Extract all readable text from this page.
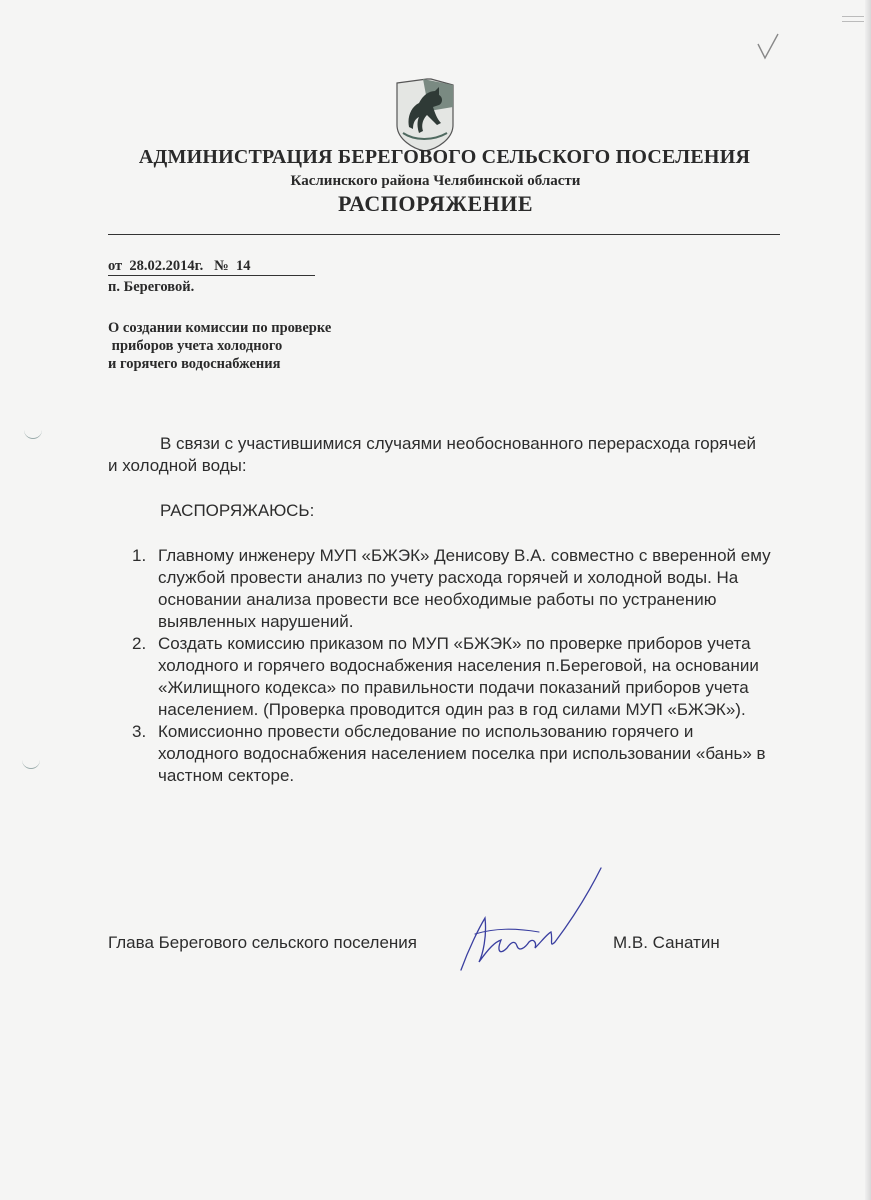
АДМИНИСТРАЦИЯ БЕРЕГОВОГО СЕЛЬСКОГО ПОСЕЛЕНИЯ
Каслинского района Челябинской области
РАСПОРЯЖЕНИЕ
от  28.02.2014г.   №  14
п. Береговой.
О создании комиссии по проверке
приборов учета холодного
и горячего водоснабжения
В связи с участившимися случаями необоснованного перерасхода горячей и холодной воды:
РАСПОРЯЖАЮСЬ:
1. Главному инженеру МУП «БЖЭК» Денисову В.А. совместно с вверенной ему службой провести анализ по учету расхода горячей и холодной воды. На основании анализа провести все необходимые работы по устранению выявленных нарушений.
2. Создать комиссию приказом по МУП «БЖЭК» по проверке приборов учета холодного и горячего водоснабжения населения п.Береговой, на основании «Жилищного кодекса» по правильности подачи показаний приборов учета населением. (Проверка проводится один раз в год силами МУП «БЖЭК»).
3. Комиссионно провести обследование по использованию горячего и холодного водоснабжения населением поселка при использовании «бань» в частном секторе.
Глава Берегового сельского поселения	М.В. Санатин
